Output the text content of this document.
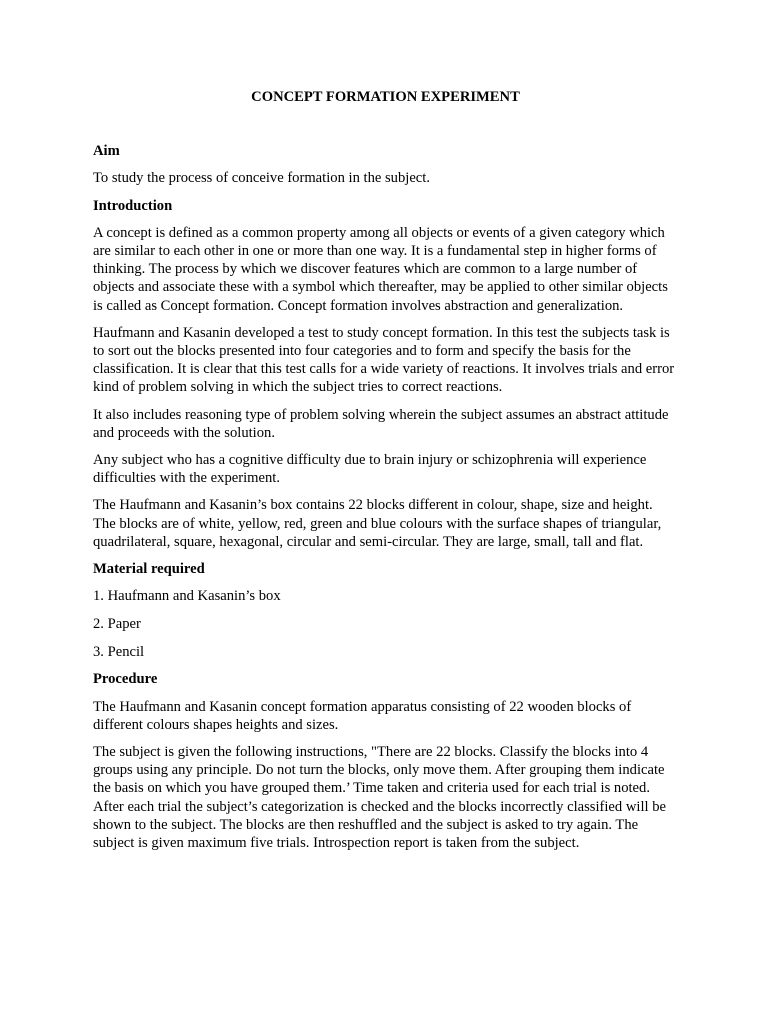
CONCEPT FORMATION EXPERIMENT
Aim
To study the process of conceive formation in the subject.
Introduction
A concept is defined as a common property among all objects or events of a given category which are similar to each other in one or more than one way. It is a fundamental step in higher forms of thinking. The process by which we discover features which are common to a large number of objects and associate these with a symbol which thereafter, may be applied to other similar objects is called as Concept formation. Concept formation involves abstraction and generalization.
Haufmann and Kasanin developed a test to study concept formation. In this test the subjects task is to sort out the blocks presented into four categories and to form and specify the basis for the classification. It is clear that this test calls for a wide variety of reactions. It involves trials and error kind of problem solving in which the subject tries to correct reactions.
It also includes reasoning type of problem solving wherein the subject assumes an abstract attitude and proceeds with the solution.
Any subject who has a cognitive difficulty due to brain injury or schizophrenia will experience difficulties with the experiment.
The Haufmann and Kasanin’s box contains 22 blocks different in colour, shape, size and height. The blocks are of white, yellow, red, green and blue colours with the surface shapes of triangular, quadrilateral, square, hexagonal, circular and semi-circular. They are large, small, tall and flat.
Material required
1. Haufmann and Kasanin’s box
2. Paper
3. Pencil
Procedure
The Haufmann and Kasanin concept formation apparatus consisting of 22 wooden blocks of different colours shapes heights and sizes.
The subject is given the following instructions, "There are 22 blocks. Classify the blocks into 4 groups using any principle. Do not turn the blocks, only move them. After grouping them indicate the basis on which you have grouped them.’ Time taken and criteria used for each trial is noted. After each trial the subject’s categorization is checked and the blocks incorrectly classified will be shown to the subject. The blocks are then reshuffled and the subject is asked to try again. The subject is given maximum five trials. Introspection report is taken from the subject.
